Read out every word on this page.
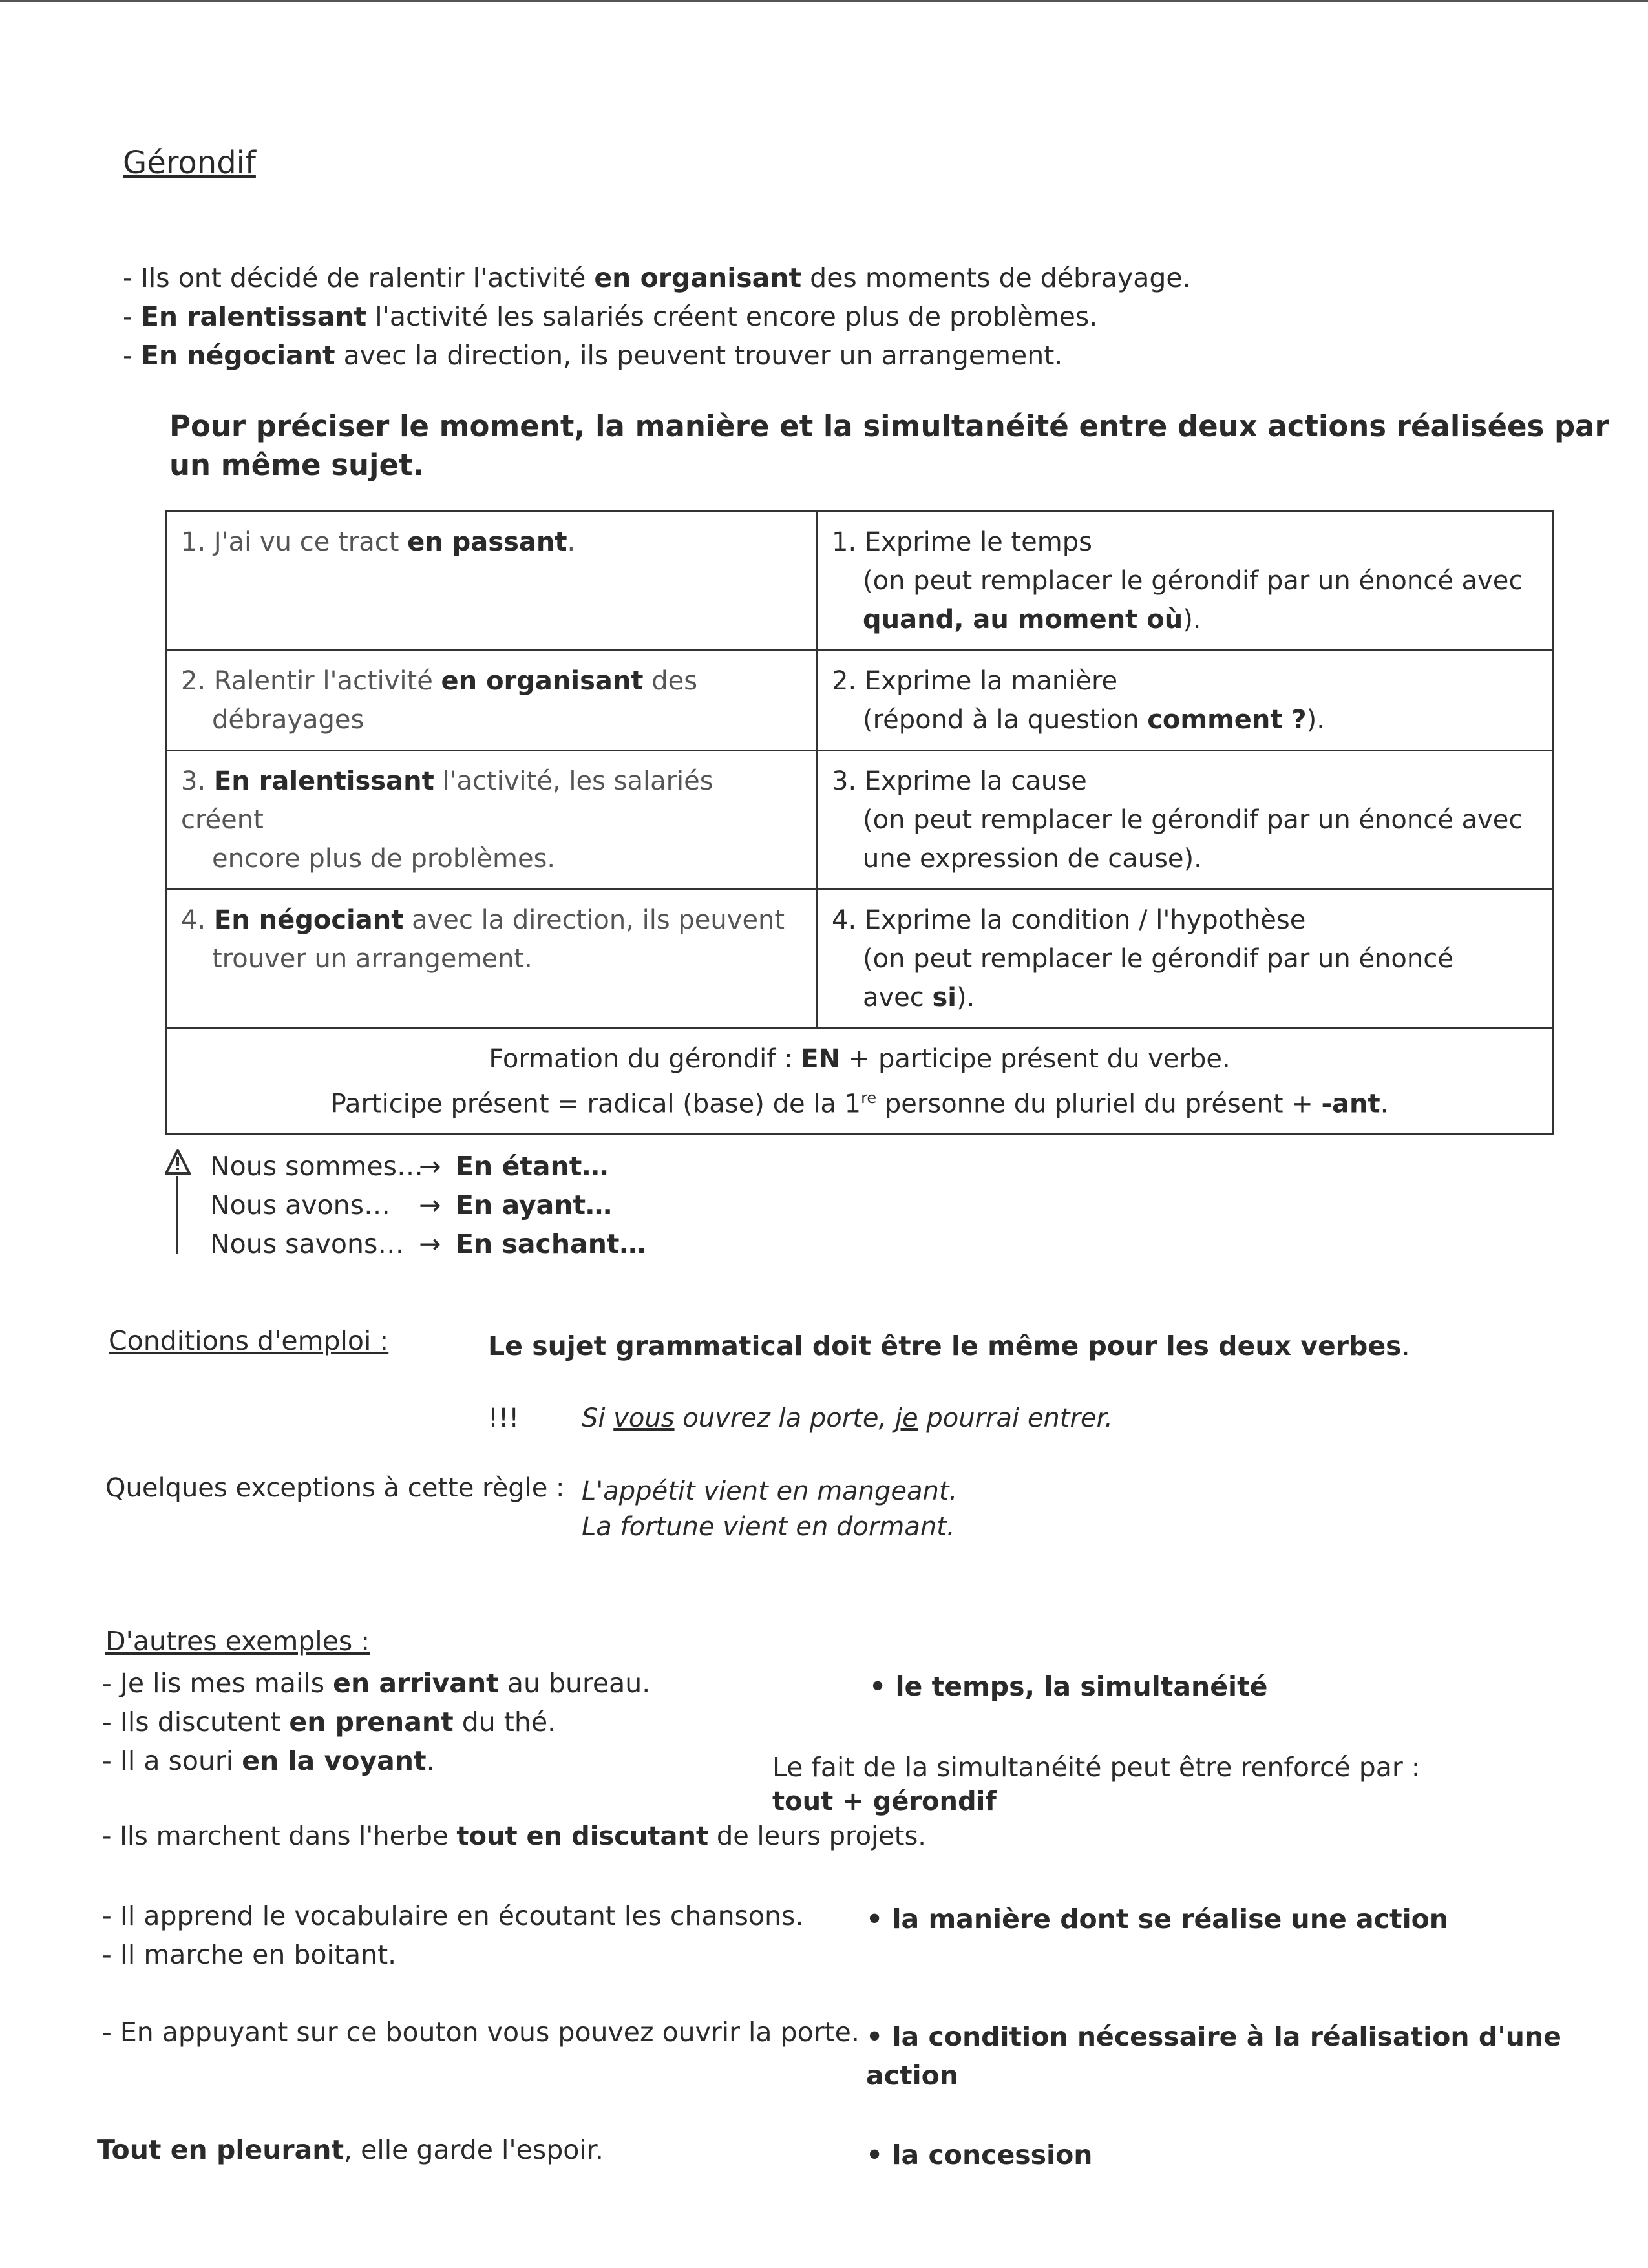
Gérondif
- Ils ont décidé de ralentir l'activité en organisant des moments de débrayage.
- En ralentissant l'activité les salariés créent encore plus de problèmes.
- En négociant avec la direction, ils peuvent trouver un arrangement.
Pour préciser le moment, la manière et la simultanéité entre deux actions réalisées par
un même sujet.
1. J'ai vu ce tract en passant.	1. Exprime le temps
(on peut remplacer le gérondif par un énoncé avec
quand, au moment où).

2. Ralentir l'activité en organisant des
débrayages	2. Exprime la manière
(répond à la question comment ?).

3. En ralentissant l'activité, les salariés créent
encore plus de problèmes.	3. Exprime la cause
(on peut remplacer le gérondif par un énoncé avec
une expression de cause).

4. En négociant avec la direction, ils peuvent
trouver un arrangement.	4. Exprime la condition / l'hypothèse
(on peut remplacer le gérondif par un énoncé
avec si).

Formation du gérondif : EN + participe présent du verbe.
Participe présent = radical (base) de la 1re personne du pluriel du présent + -ant.	
Nous sommes…
→ En étant…
Nous avons… → En ayant…
Nous savons… → En sachant…
Conditions d'emploi :	Le sujet grammatical doit être le même pour les deux verbes.
!!! Si vous ouvrez la porte, je pourrai entrer.
Quelques exceptions à cette règle : L'appétit vient en mangeant.
La fortune vient en dormant.
D'autres exemples :
- Je lis mes mails en arrivant au bureau.
- Ils discutent en prenant du thé.
- Il a souri en la voyant.
• le temps, la simultanéité
Le fait de la simultanéité peut être renforcé par :
tout + gérondif
- Ils marchent dans l'herbe tout en discutant de leurs projets.
- Il apprend le vocabulaire en écoutant les chansons.
- Il marche en boitant.
• la manière dont se réalise une action
- En appuyant sur ce bouton vous pouvez ouvrir la porte. • la condition nécessaire à la réalisation d'une
action
Tout en pleurant, elle garde l'espoir.	• la concession
